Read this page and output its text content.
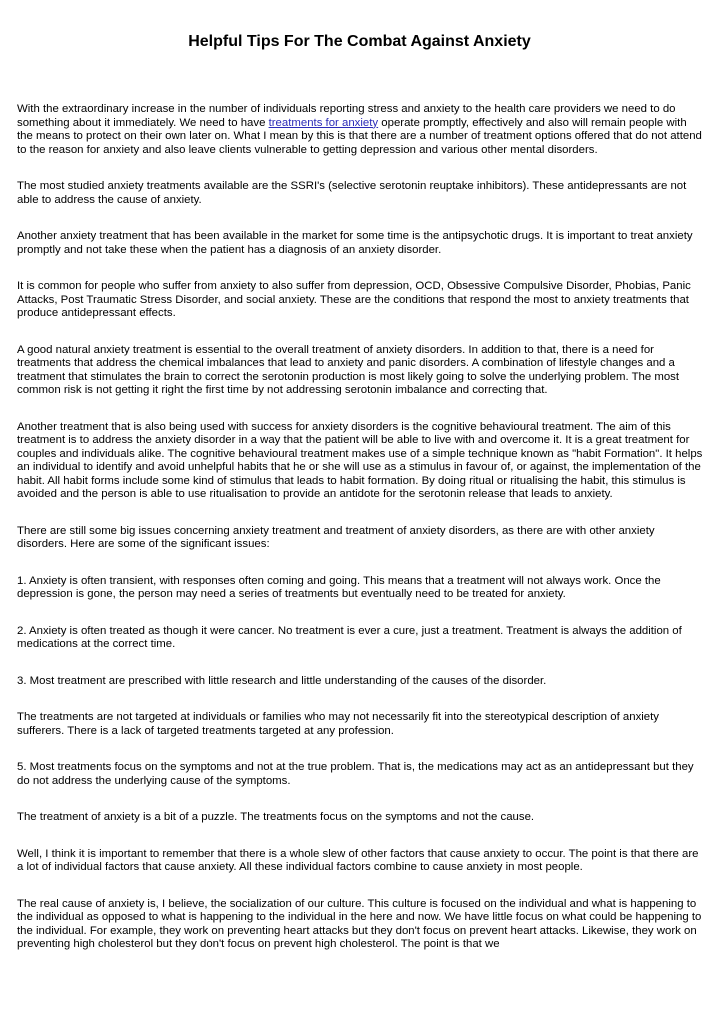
Helpful Tips For The Combat Against Anxiety

With the extraordinary increase in the number of individuals reporting stress and anxiety to the health care providers we need to do something about it immediately. We need to have treatments for anxiety operate promptly, effectively and also will remain people with the means to protect on their own later on. What I mean by this is that there are a number of treatment options offered that do not attend to the reason for anxiety and also leave clients vulnerable to getting depression and various other mental disorders.

The most studied anxiety treatments available are the SSRI's (selective serotonin reuptake inhibitors). These antidepressants are not able to address the cause of anxiety.

Another anxiety treatment that has been available in the market for some time is the antipsychotic drugs. It is important to treat anxiety promptly and not take these when the patient has a diagnosis of an anxiety disorder.

It is common for people who suffer from anxiety to also suffer from depression, OCD, Obsessive Compulsive Disorder, Phobias, Panic Attacks, Post Traumatic Stress Disorder, and social anxiety. These are the conditions that respond the most to anxiety treatments that produce antidepressant effects.

A good natural anxiety treatment is essential to the overall treatment of anxiety disorders. In addition to that, there is a need for treatments that address the chemical imbalances that lead to anxiety and panic disorders. A combination of lifestyle changes and a treatment that stimulates the brain to correct the serotonin production is most likely going to solve the underlying problem. The most common risk is not getting it right the first time by not addressing serotonin imbalance and correcting that.

Another treatment that is also being used with success for anxiety disorders is the cognitive behavioural treatment. The aim of this treatment is to address the anxiety disorder in a way that the patient will be able to live with and overcome it. It is a great treatment for couples and individuals alike. The cognitive behavioural treatment makes use of a simple technique known as "habit Formation". It helps an individual to identify and avoid unhelpful habits that he or she will use as a stimulus in favour of, or against, the implementation of the habit. All habit forms include some kind of stimulus that leads to habit formation. By doing ritual or ritualising the habit, this stimulus is avoided and the person is able to use ritualisation to provide an antidote for the serotonin release that leads to anxiety.

There are still some big issues concerning anxiety treatment and treatment of anxiety disorders, as there are with other anxiety disorders. Here are some of the significant issues:

1. Anxiety is often transient, with responses often coming and going. This means that a treatment will not always work. Once the depression is gone, the person may need a series of treatments but eventually need to be treated for anxiety.

2. Anxiety is often treated as though it were cancer. No treatment is ever a cure, just a treatment. Treatment is always the addition of medications at the correct time.

3. Most treatment are prescribed with little research and little understanding of the causes of the disorder.

The treatments are not targeted at individuals or families who may not necessarily fit into the stereotypical description of anxiety sufferers. There is a lack of targeted treatments targeted at any profession.

5. Most treatments focus on the symptoms and not at the true problem. That is, the medications may act as an antidepressant but they do not address the underlying cause of the symptoms.

The treatment of anxiety is a bit of a puzzle. The treatments focus on the symptoms and not the cause.

Well, I think it is important to remember that there is a whole slew of other factors that cause anxiety to occur. The point is that there are a lot of individual factors that cause anxiety. All these individual factors combine to cause anxiety in most people.

The real cause of anxiety is, I believe, the socialization of our culture. This culture is focused on the individual and what is happening to the individual as opposed to what is happening to the individual in the here and now. We have little focus on what could be happening to the individual. For example, they work on preventing heart attacks but they don't focus on prevent heart attacks. Likewise, they work on preventing high cholesterol but they don't focus on prevent high cholesterol. The point is that we
